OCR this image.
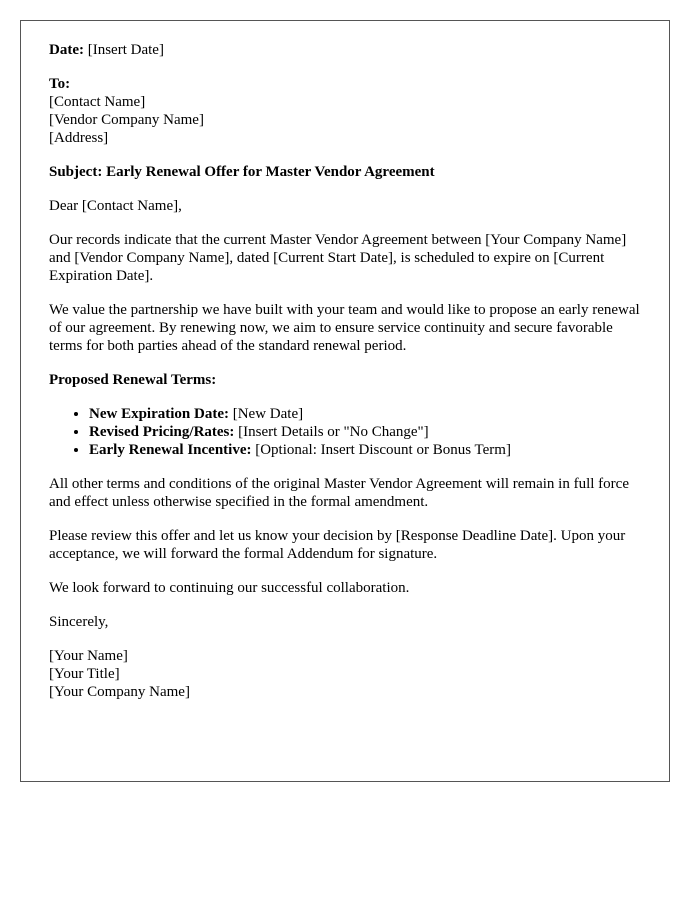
Date: [Insert Date]

To:
[Contact Name]
[Vendor Company Name]
[Address]

Subject: Early Renewal Offer for Master Vendor Agreement

Dear [Contact Name],

Our records indicate that the current Master Vendor Agreement between [Your Company Name] and [Vendor Company Name], dated [Current Start Date], is scheduled to expire on [Current Expiration Date].

We value the partnership we have built with your team and would like to propose an early renewal of our agreement. By renewing now, we aim to ensure service continuity and secure favorable terms for both parties ahead of the standard renewal period.

Proposed Renewal Terms:

• New Expiration Date: [New Date]
• Revised Pricing/Rates: [Insert Details or "No Change"]
• Early Renewal Incentive: [Optional: Insert Discount or Bonus Term]

All other terms and conditions of the original Master Vendor Agreement will remain in full force and effect unless otherwise specified in the formal amendment.

Please review this offer and let us know your decision by [Response Deadline Date]. Upon your acceptance, we will forward the formal Addendum for signature.

We look forward to continuing our successful collaboration.

Sincerely,

[Your Name]
[Your Title]
[Your Company Name]
